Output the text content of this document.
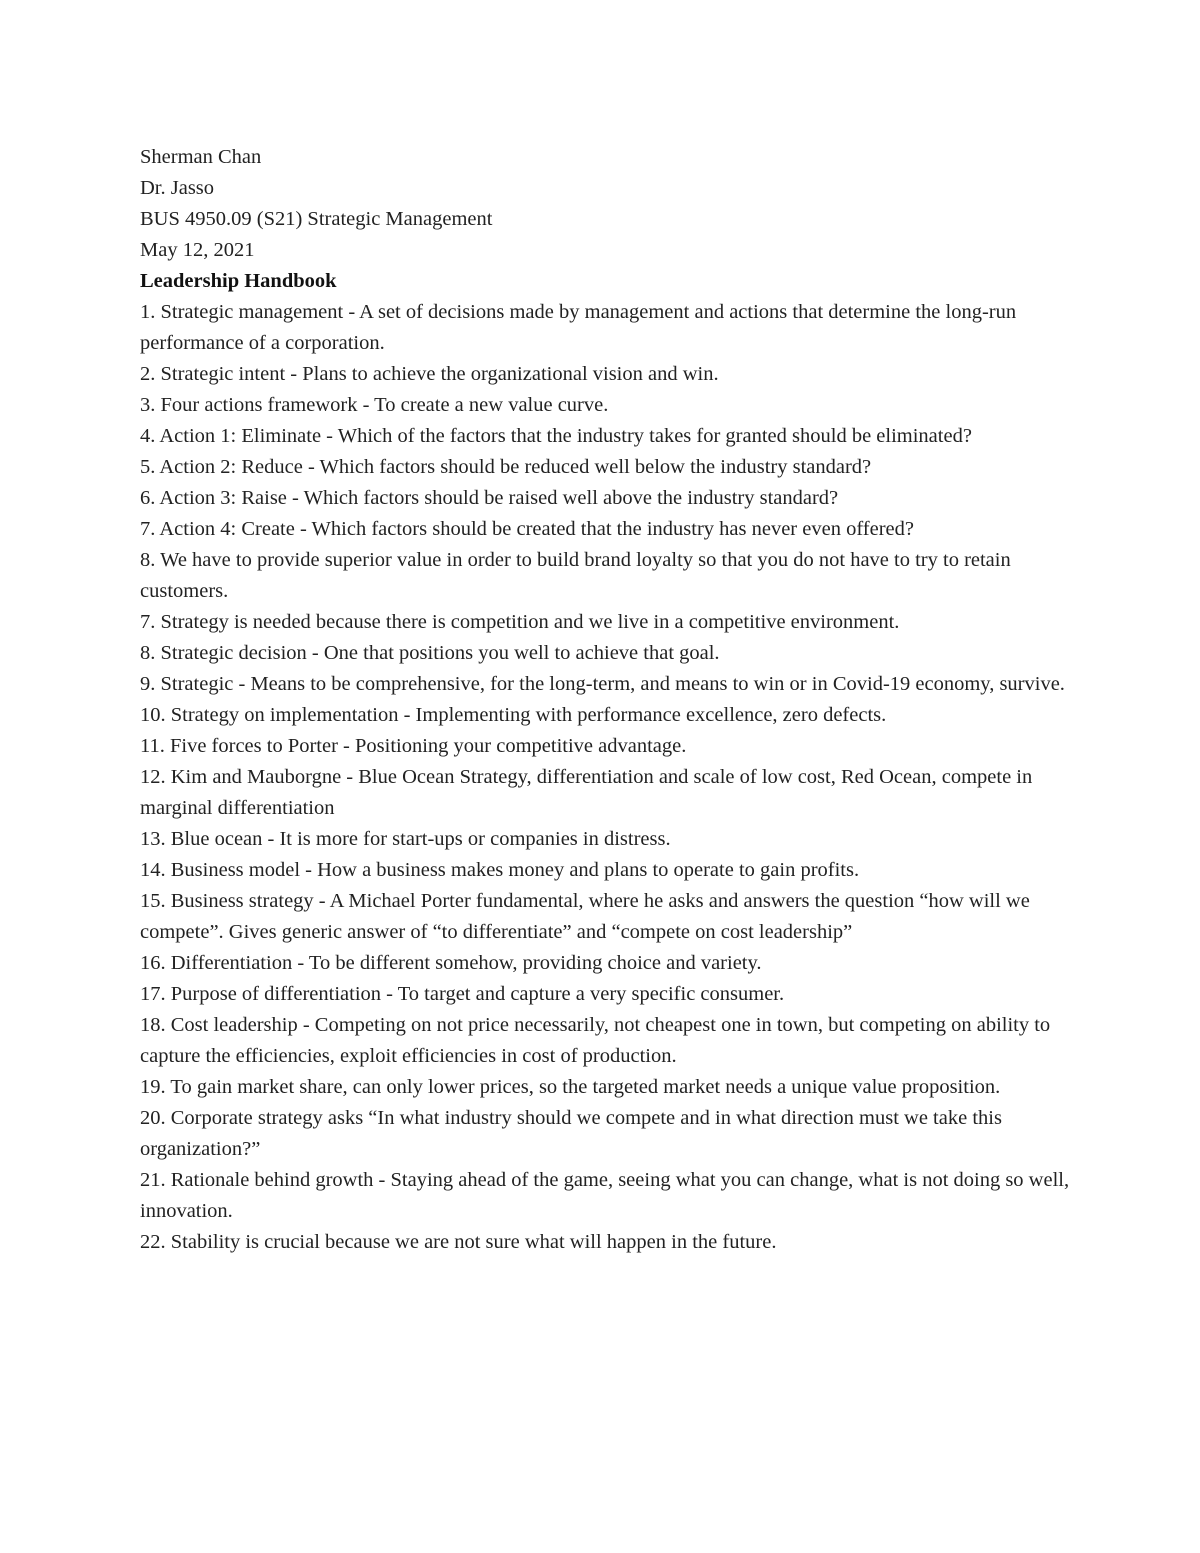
Sherman Chan

Dr. Jasso

BUS 4950.09 (S21) Strategic Management

May 12, 2021

Leadership Handbook

1. Strategic management - A set of decisions made by management and actions that determine the long-run performance of a corporation.
2. Strategic intent - Plans to achieve the organizational vision and win.
3. Four actions framework - To create a new value curve.
4. Action 1: Eliminate - Which of the factors that the industry takes for granted should be eliminated?
5. Action 2: Reduce - Which factors should be reduced well below the industry standard?
6. Action 3: Raise - Which factors should be raised well above the industry standard?
7. Action 4: Create - Which factors should be created that the industry has never even offered?
8. We have to provide superior value in order to build brand loyalty so that you do not have to try to retain customers.
7. Strategy is needed because there is competition and we live in a competitive environment.
8. Strategic decision - One that positions you well to achieve that goal.
9. Strategic - Means to be comprehensive, for the long-term, and means to win or in Covid-19 economy, survive.
10. Strategy on implementation - Implementing with performance excellence, zero defects.
11. Five forces to Porter - Positioning your competitive advantage.
12. Kim and Mauborgne - Blue Ocean Strategy, differentiation and scale of low cost, Red Ocean, compete in marginal differentiation
13. Blue ocean - It is more for start-ups or companies in distress.
14. Business model - How a business makes money and plans to operate to gain profits.
15. Business strategy - A Michael Porter fundamental, where he asks and answers the question “how will we compete”. Gives generic answer of “to differentiate” and “compete on cost leadership”
16. Differentiation - To be different somehow, providing choice and variety.
17. Purpose of differentiation - To target and capture a very specific consumer.
18. Cost leadership - Competing on not price necessarily, not cheapest one in town, but competing on ability to capture the efficiencies, exploit efficiencies in cost of production.
19. To gain market share, can only lower prices, so the targeted market needs a unique value proposition.
20. Corporate strategy asks “In what industry should we compete and in what direction must we take this organization?”
21. Rationale behind growth - Staying ahead of the game, seeing what you can change, what is not doing so well, innovation.
22. Stability is crucial because we are not sure what will happen in the future.
